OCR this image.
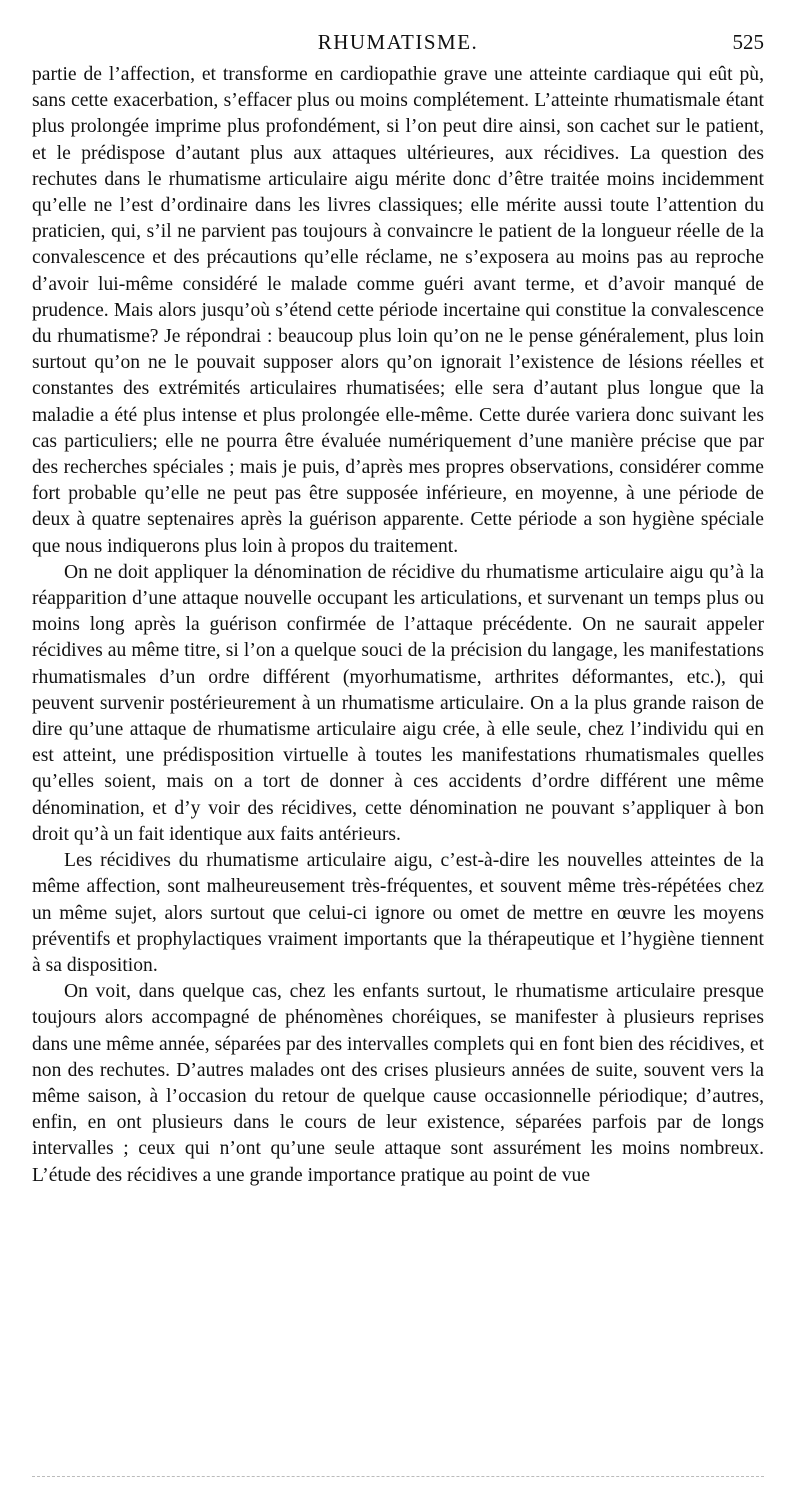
RHUMATISME.	525

partie de l’affection, et transforme en cardiopathie grave une atteinte cardiaque qui eût pù, sans cette exacerbation, s’effacer plus ou moins complétement. L’atteinte rhumatismale étant plus prolongée imprime plus profondément, si l’on peut dire ainsi, son cachet sur le patient, et le prédispose d’autant plus aux attaques ultérieures, aux récidives. La question des rechutes dans le rhumatisme articulaire aigu mérite donc d’être traitée moins incidemment qu’elle ne l’est d’ordinaire dans les livres classiques; elle mérite aussi toute l’attention du praticien, qui, s’il ne parvient pas toujours à convaincre le patient de la longueur réelle de la convalescence et des précautions qu’elle réclame, ne s’exposera au moins pas au reproche d’avoir lui-même considéré le malade comme guéri avant terme, et d’avoir manqué de prudence. Mais alors jusqu’où s’étend cette période incertaine qui constitue la convalescence du rhumatisme? Je répondrai : beaucoup plus loin qu’on ne le pense généralement, plus loin surtout qu’on ne le pouvait supposer alors qu’on ignorait l’existence de lésions réelles et constantes des extrémités articulaires rhumatisées; elle sera d’autant plus longue que la maladie a été plus intense et plus prolongée elle-même. Cette durée variera donc suivant les cas particuliers; elle ne pourra être évaluée numériquement d’une manière précise que par des recherches spéciales ; mais je puis, d’après mes propres observations, considérer comme fort probable qu’elle ne peut pas être supposée inférieure, en moyenne, à une période de deux à quatre septenaires après la guérison apparente. Cette période a son hygiène spéciale que nous indiquerons plus loin à propos du traitement.

On ne doit appliquer la dénomination de récidive du rhumatisme articulaire aigu qu’à la réapparition d’une attaque nouvelle occupant les articulations, et survenant un temps plus ou moins long après la guérison confirmée de l’attaque précédente. On ne saurait appeler récidives au même titre, si l’on a quelque souci de la précision du langage, les manifestations rhumatismales d’un ordre différent (myorhumatisme, arthrites déformantes, etc.), qui peuvent survenir postérieurement à un rhumatisme articulaire. On a la plus grande raison de dire qu’une attaque de rhumatisme articulaire aigu crée, à elle seule, chez l’individu qui en est atteint, une prédisposition virtuelle à toutes les manifestations rhumatismales quelles qu’elles soient, mais on a tort de donner à ces accidents d’ordre différent une même dénomination, et d’y voir des récidives, cette dénomination ne pouvant s’appliquer à bon droit qu’à un fait identique aux faits antérieurs.

Les récidives du rhumatisme articulaire aigu, c’est-à-dire les nouvelles atteintes de la même affection, sont malheureusement très-fréquentes, et souvent même très-répétées chez un même sujet, alors surtout que celui-ci ignore ou omet de mettre en œuvre les moyens préventifs et prophylactiques vraiment importants que la thérapeutique et l’hygiène tiennent à sa disposition.

On voit, dans quelque cas, chez les enfants surtout, le rhumatisme articulaire presque toujours alors accompagné de phénomènes choréiques, se manifester à plusieurs reprises dans une même année, séparées par des intervalles complets qui en font bien des récidives, et non des rechutes. D’autres malades ont des crises plusieurs années de suite, souvent vers la même saison, à l’occasion du retour de quelque cause occasionnelle périodique; d’autres, enfin, en ont plusieurs dans le cours de leur existence, séparées parfois par de longs intervalles ; ceux qui n’ont qu’une seule attaque sont assurément les moins nombreux. L’étude des récidives a une grande importance pratique au point de vue
